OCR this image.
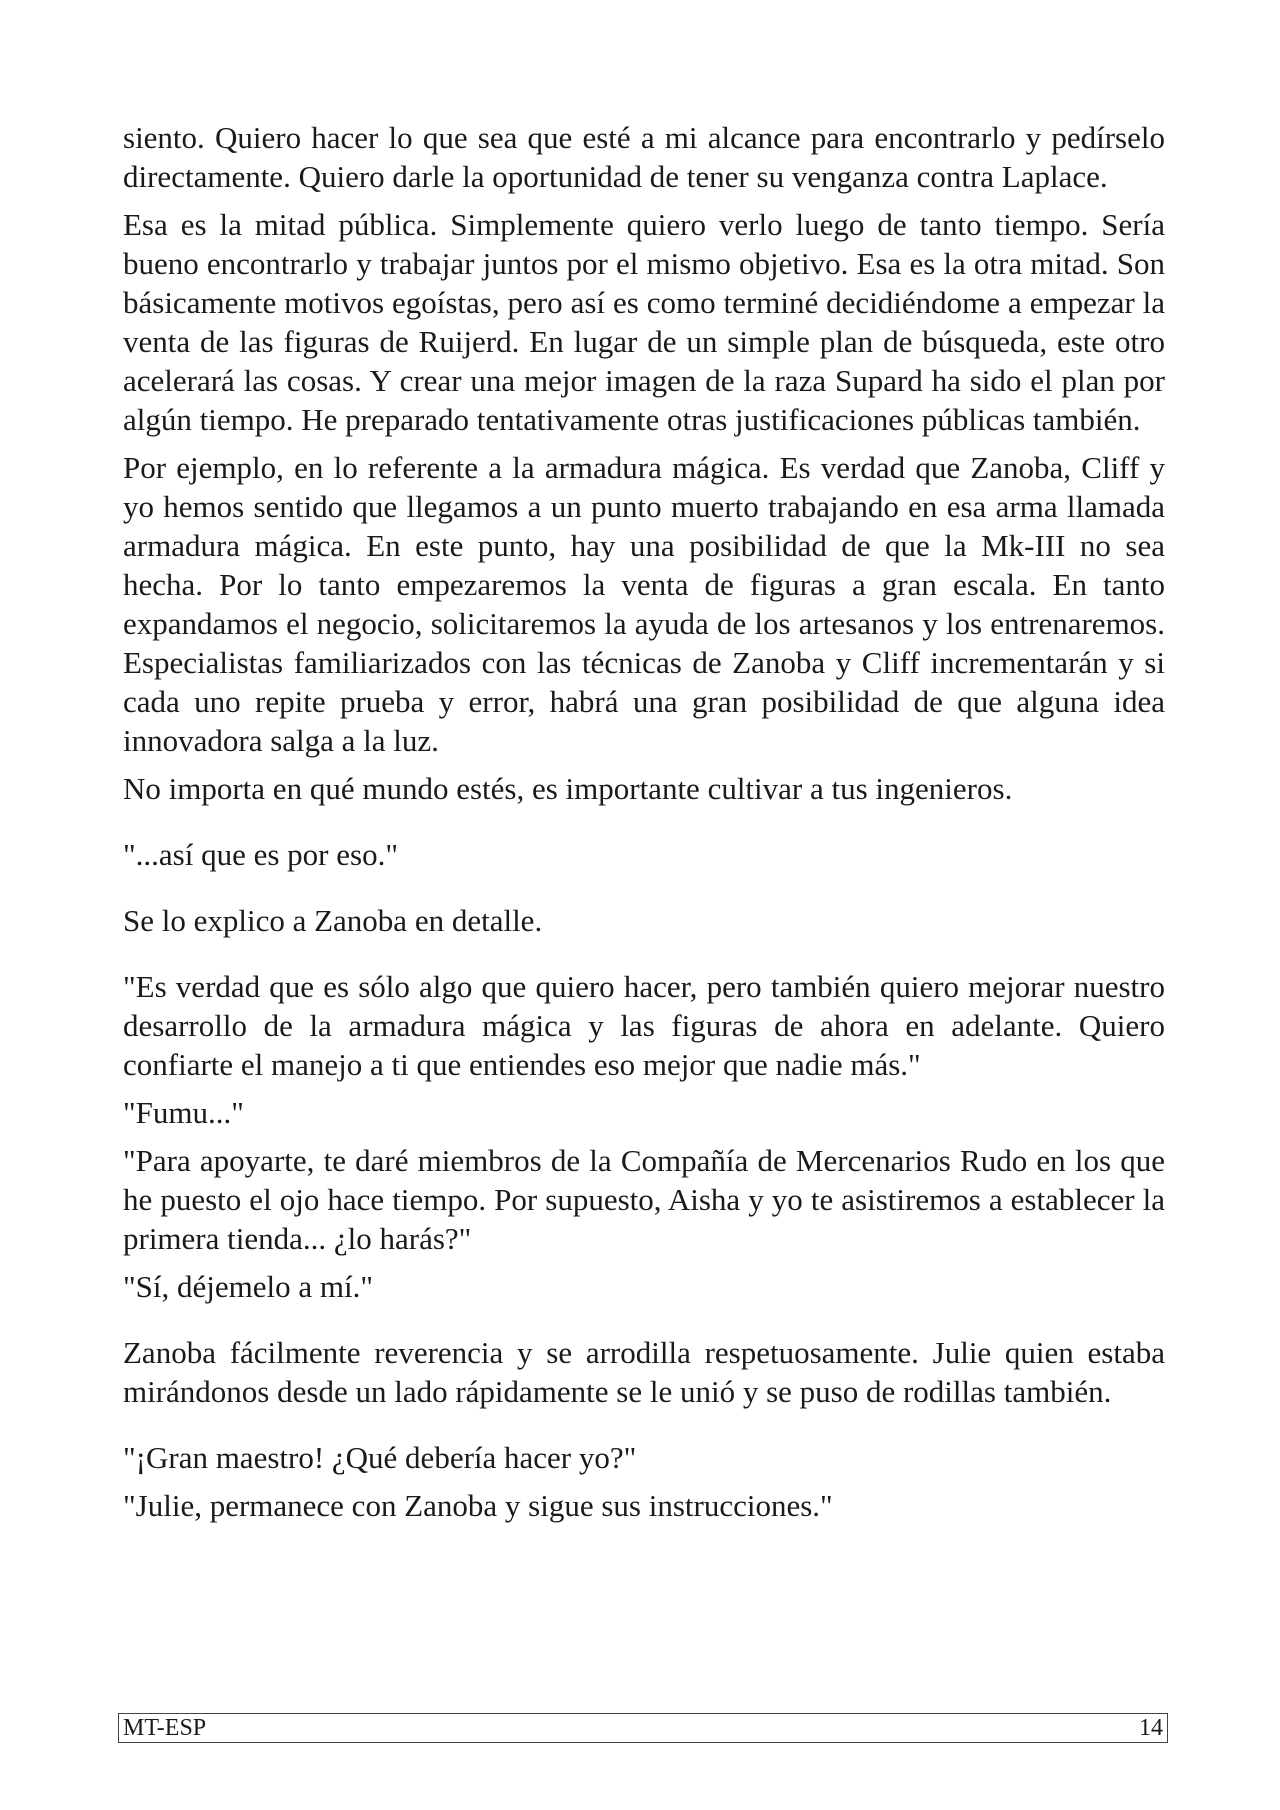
siento. Quiero hacer lo que sea que esté a mi alcance para encontrarlo y pedírselo directamente. Quiero darle la oportunidad de tener su venganza contra Laplace.

Esa es la mitad pública. Simplemente quiero verlo luego de tanto tiempo. Sería bueno encontrarlo y trabajar juntos por el mismo objetivo. Esa es la otra mitad. Son básicamente motivos egoístas, pero así es como terminé decidiéndome a empezar la venta de las figuras de Ruijerd. En lugar de un simple plan de búsqueda, este otro acelerará las cosas. Y crear una mejor imagen de la raza Supard ha sido el plan por algún tiempo. He preparado tentativamente otras justificaciones públicas también.

Por ejemplo, en lo referente a la armadura mágica. Es verdad que Zanoba, Cliff y yo hemos sentido que llegamos a un punto muerto trabajando en esa arma llamada armadura mágica. En este punto, hay una posibilidad de que la Mk-III no sea hecha. Por lo tanto empezaremos la venta de figuras a gran escala. En tanto expandamos el negocio, solicitaremos la ayuda de los artesanos y los entrenaremos. Especialistas familiarizados con las técnicas de Zanoba y Cliff incrementarán y si cada uno repite prueba y error, habrá una gran posibilidad de que alguna idea innovadora salga a la luz.

No importa en qué mundo estés, es importante cultivar a tus ingenieros.

"...así que es por eso."

Se lo explico a Zanoba en detalle.

"Es verdad que es sólo algo que quiero hacer, pero también quiero mejorar nuestro desarrollo de la armadura mágica y las figuras de ahora en adelante. Quiero confiarte el manejo a ti que entiendes eso mejor que nadie más."

"Fumu..."

"Para apoyarte, te daré miembros de la Compañía de Mercenarios Rudo en los que he puesto el ojo hace tiempo. Por supuesto, Aisha y yo te asistiremos a establecer la primera tienda... ¿lo harás?"

"Sí, déjemelo a mí."

Zanoba fácilmente reverencia y se arrodilla respetuosamente. Julie quien estaba mirándonos desde un lado rápidamente se le unió y se puso de rodillas también.

"¡Gran maestro! ¿Qué debería hacer yo?"

"Julie, permanece con Zanoba y sigue sus instrucciones."

MT-ESP	14
